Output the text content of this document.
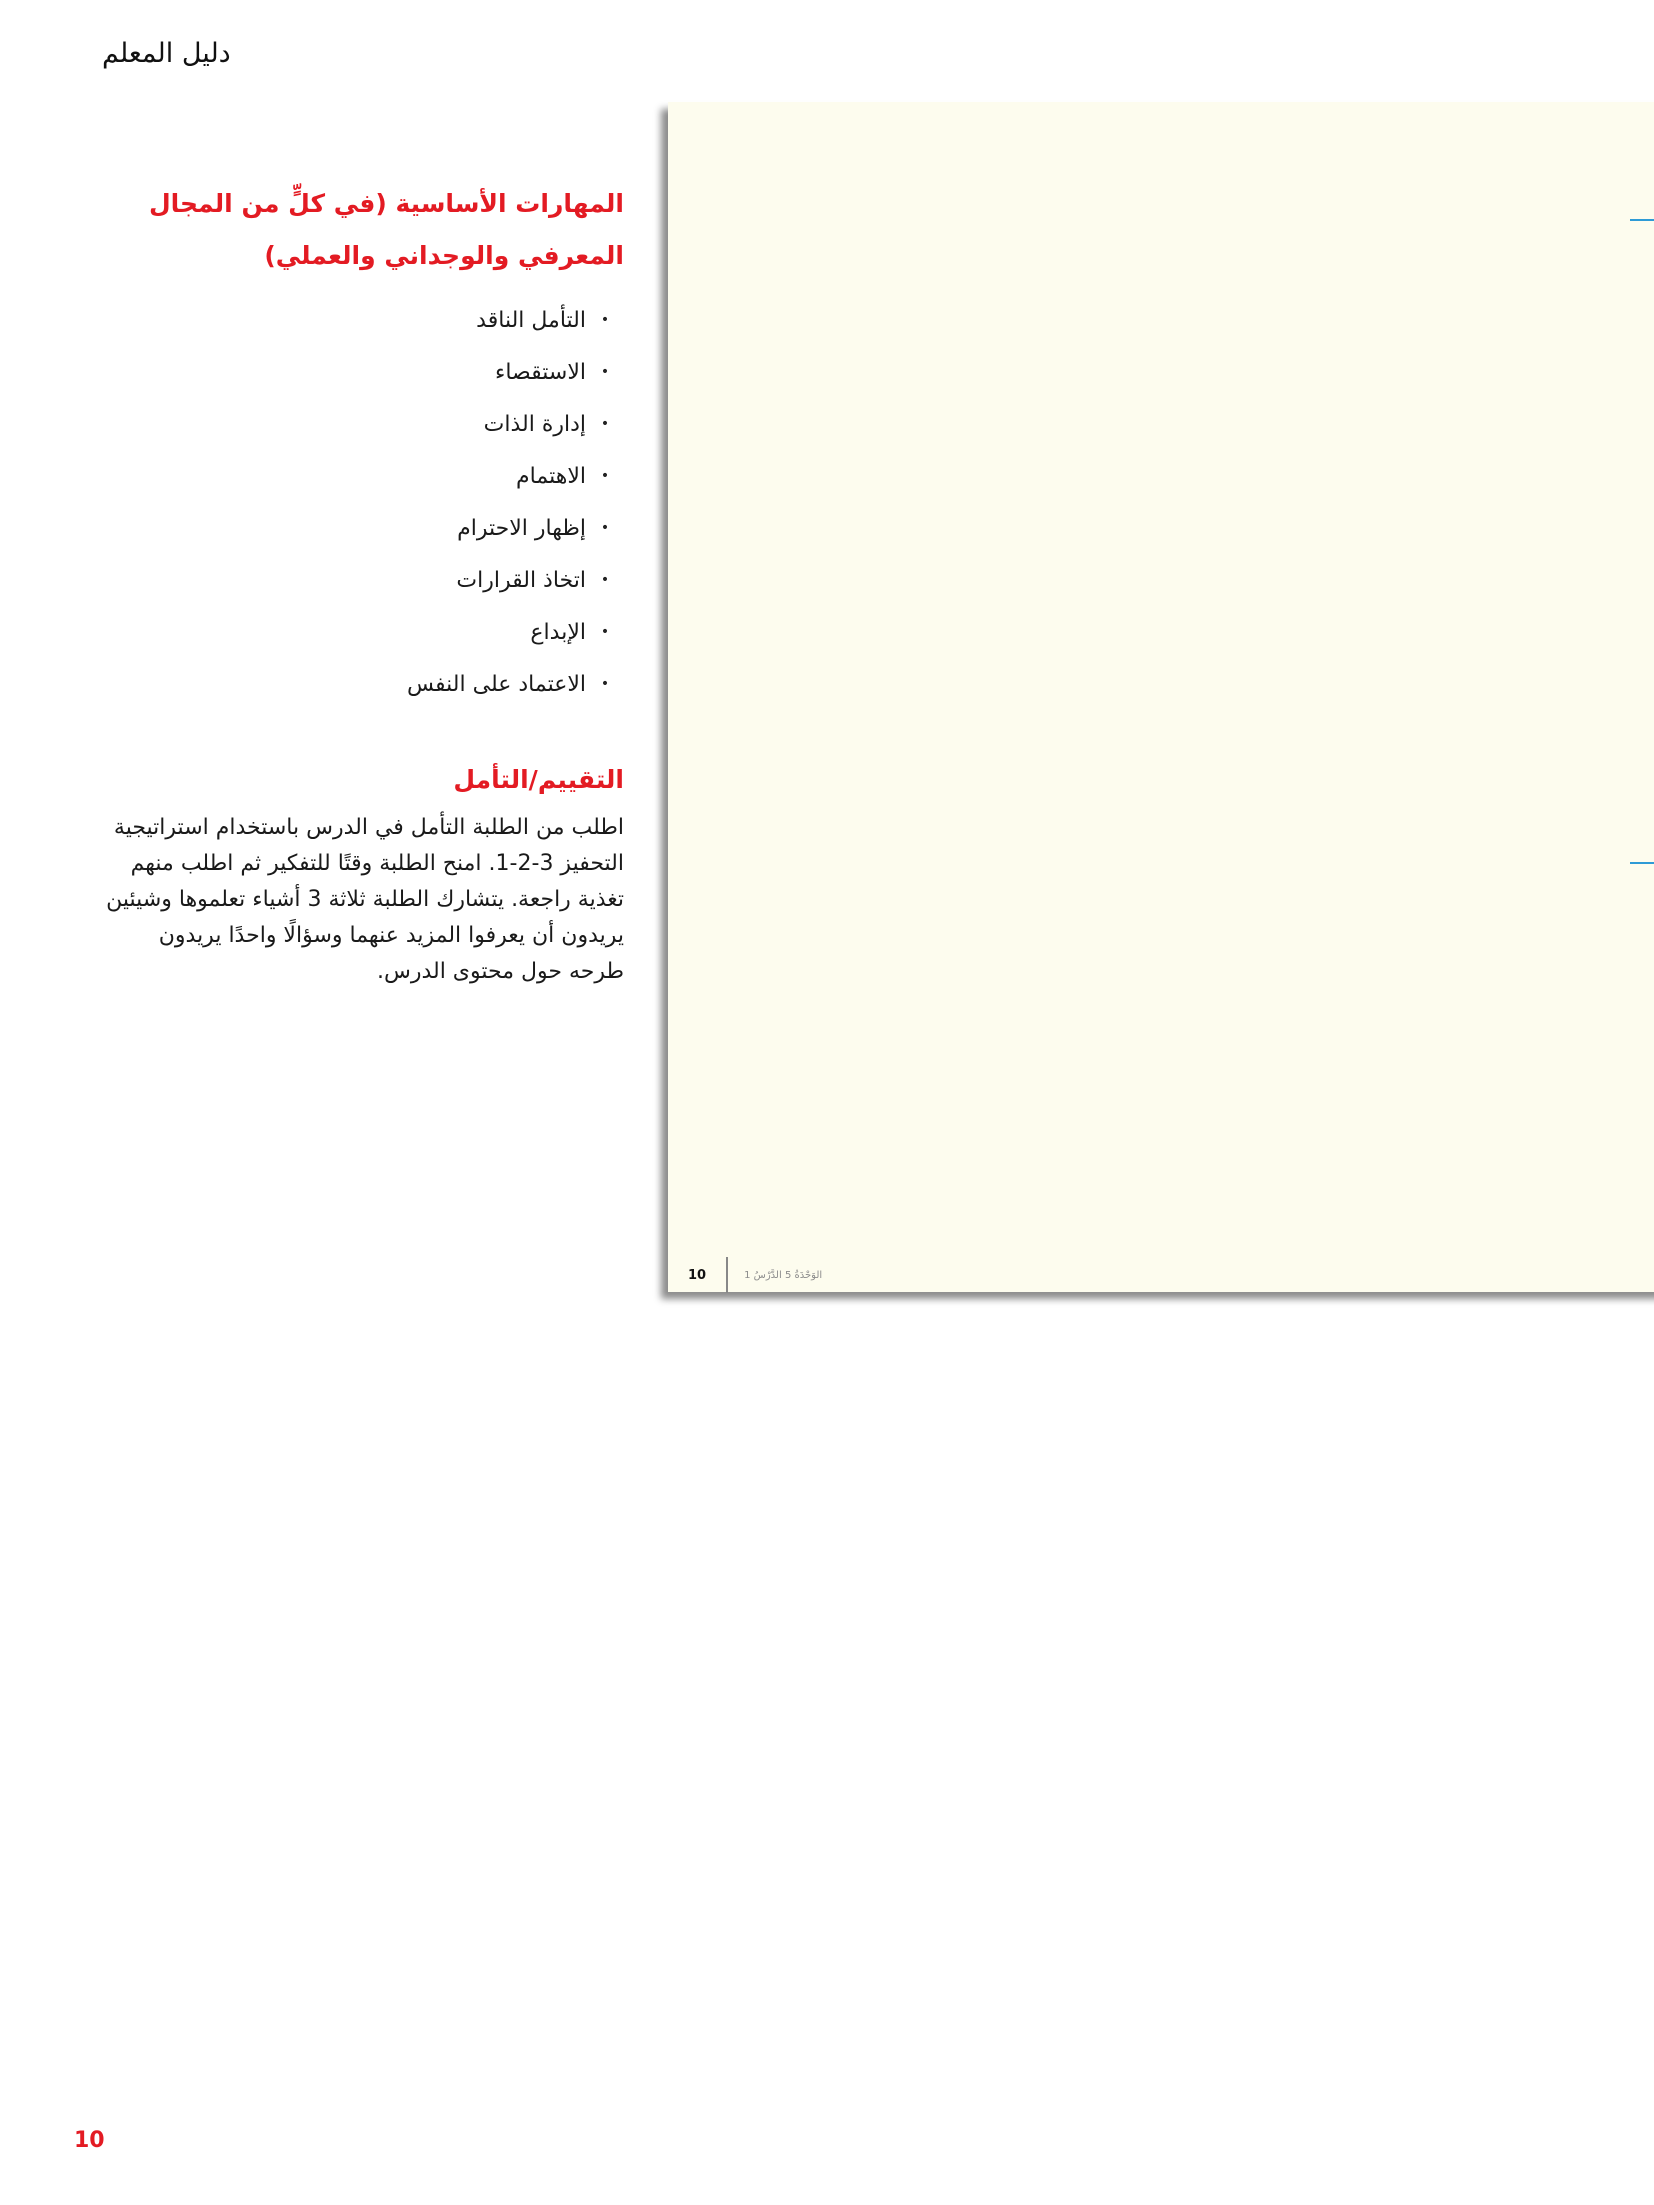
دليل المعلم
المهارات الأساسية (في كلٍّ من المجال المعرفي والوجداني والعملي)
•
التأمل الناقد
•
الاستقصاء
•
إدارة الذات
•
الاهتمام
•
إظهار الاحترام
•
اتخاذ القرارات
•
الإبداع
•
الاعتماد على النفس
التقييم/التأمل

اطلب من الطلبة التأمل في الدرس باستخدام استراتيجية التحفيز 3-2-1. امنح الطلبة وقتًا للتفكير ثم اطلب منهم تغذية راجعة. يتشارك الطلبة ثلاثة 3 أشياء تعلموها وشيئين يريدون أن يعرفوا المزيد عنهما وسؤالًا واحدًا يريدون طرحه حول محتوى الدرس.

10	الوَحْدَةُ 5 الدَّرْسُ 1
10
